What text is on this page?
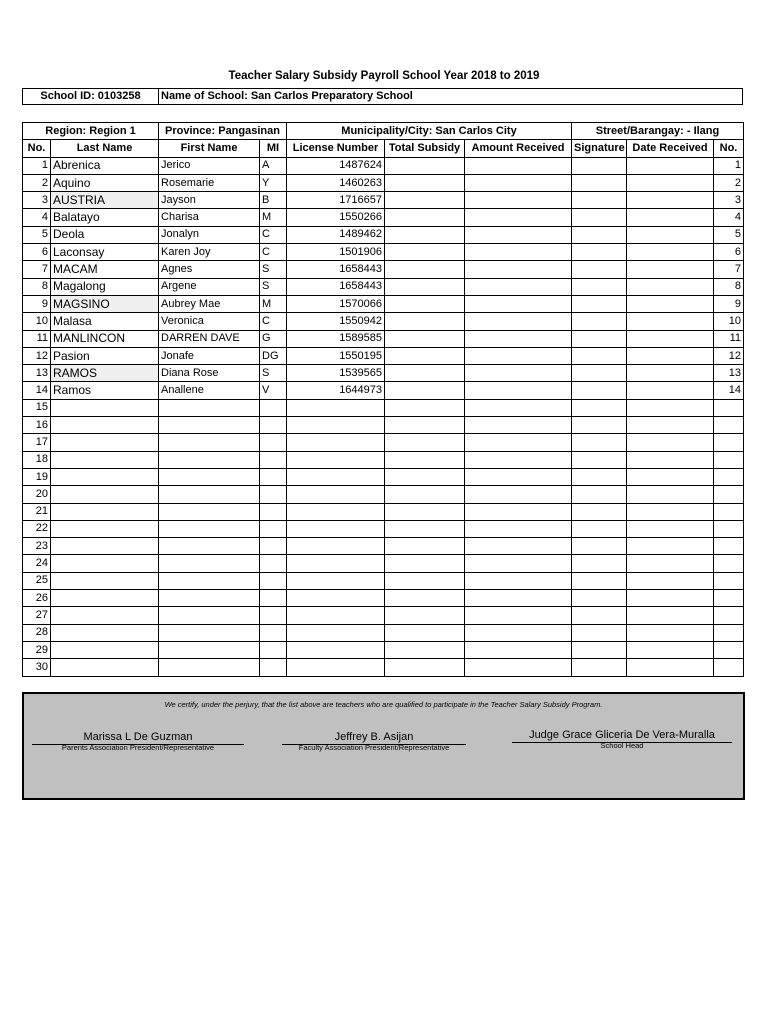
Teacher Salary Subsidy Payroll School Year 2018 to 2019
School ID: 0103258	Name of School: San Carlos Preparatory School
Region: Region 1		Province: Pangasinan		Municipality/City: San Carlos City			Street/Barangay: - Ilang		
No.	Last Name	First Name	MI	License Number	Total Subsidy	Amount Received	Signature	Date Received	No.
1	Abrenica	Jerico	A	1487624					1
2	Aquino	Rosemarie	Y	1460263					2
3	AUSTRIA	Jayson	B	1716657					3
4	Balatayo	Charisa	M	1550266					4
5	Deola	Jonalyn	C	1489462					5
6	Laconsay	Karen Joy	C	1501906					6
7	MACAM	Agnes	S	1658443					7
8	Magalong	Argene	S	1658443					8
9	MAGSINO	Aubrey Mae	M	1570066					9
10	Malasa	Veronica	C	1550942					10
11	MANLINCON	DARREN DAVE	G	1589585					11
12	Pasion	Jonafe	DG	1550195					12
13	RAMOS	Diana Rose	S	1539565					13
14	Ramos	Anallene	V	1644973					14
15									
16									
17									
18									
19									
20									
21									
22									
23									
24									
25									
26									
27									
28									
29									
30									
We certify, under the perjury, that the list above are teachers who are qualified to participate in the Teacher Salary Subsidy Program.
Marissa L De Guzman
Parents Association President/Representative
Jeffrey B. Asijan
Faculty Association President/Representative
Judge Grace Gliceria De Vera-Muralla
School Head
